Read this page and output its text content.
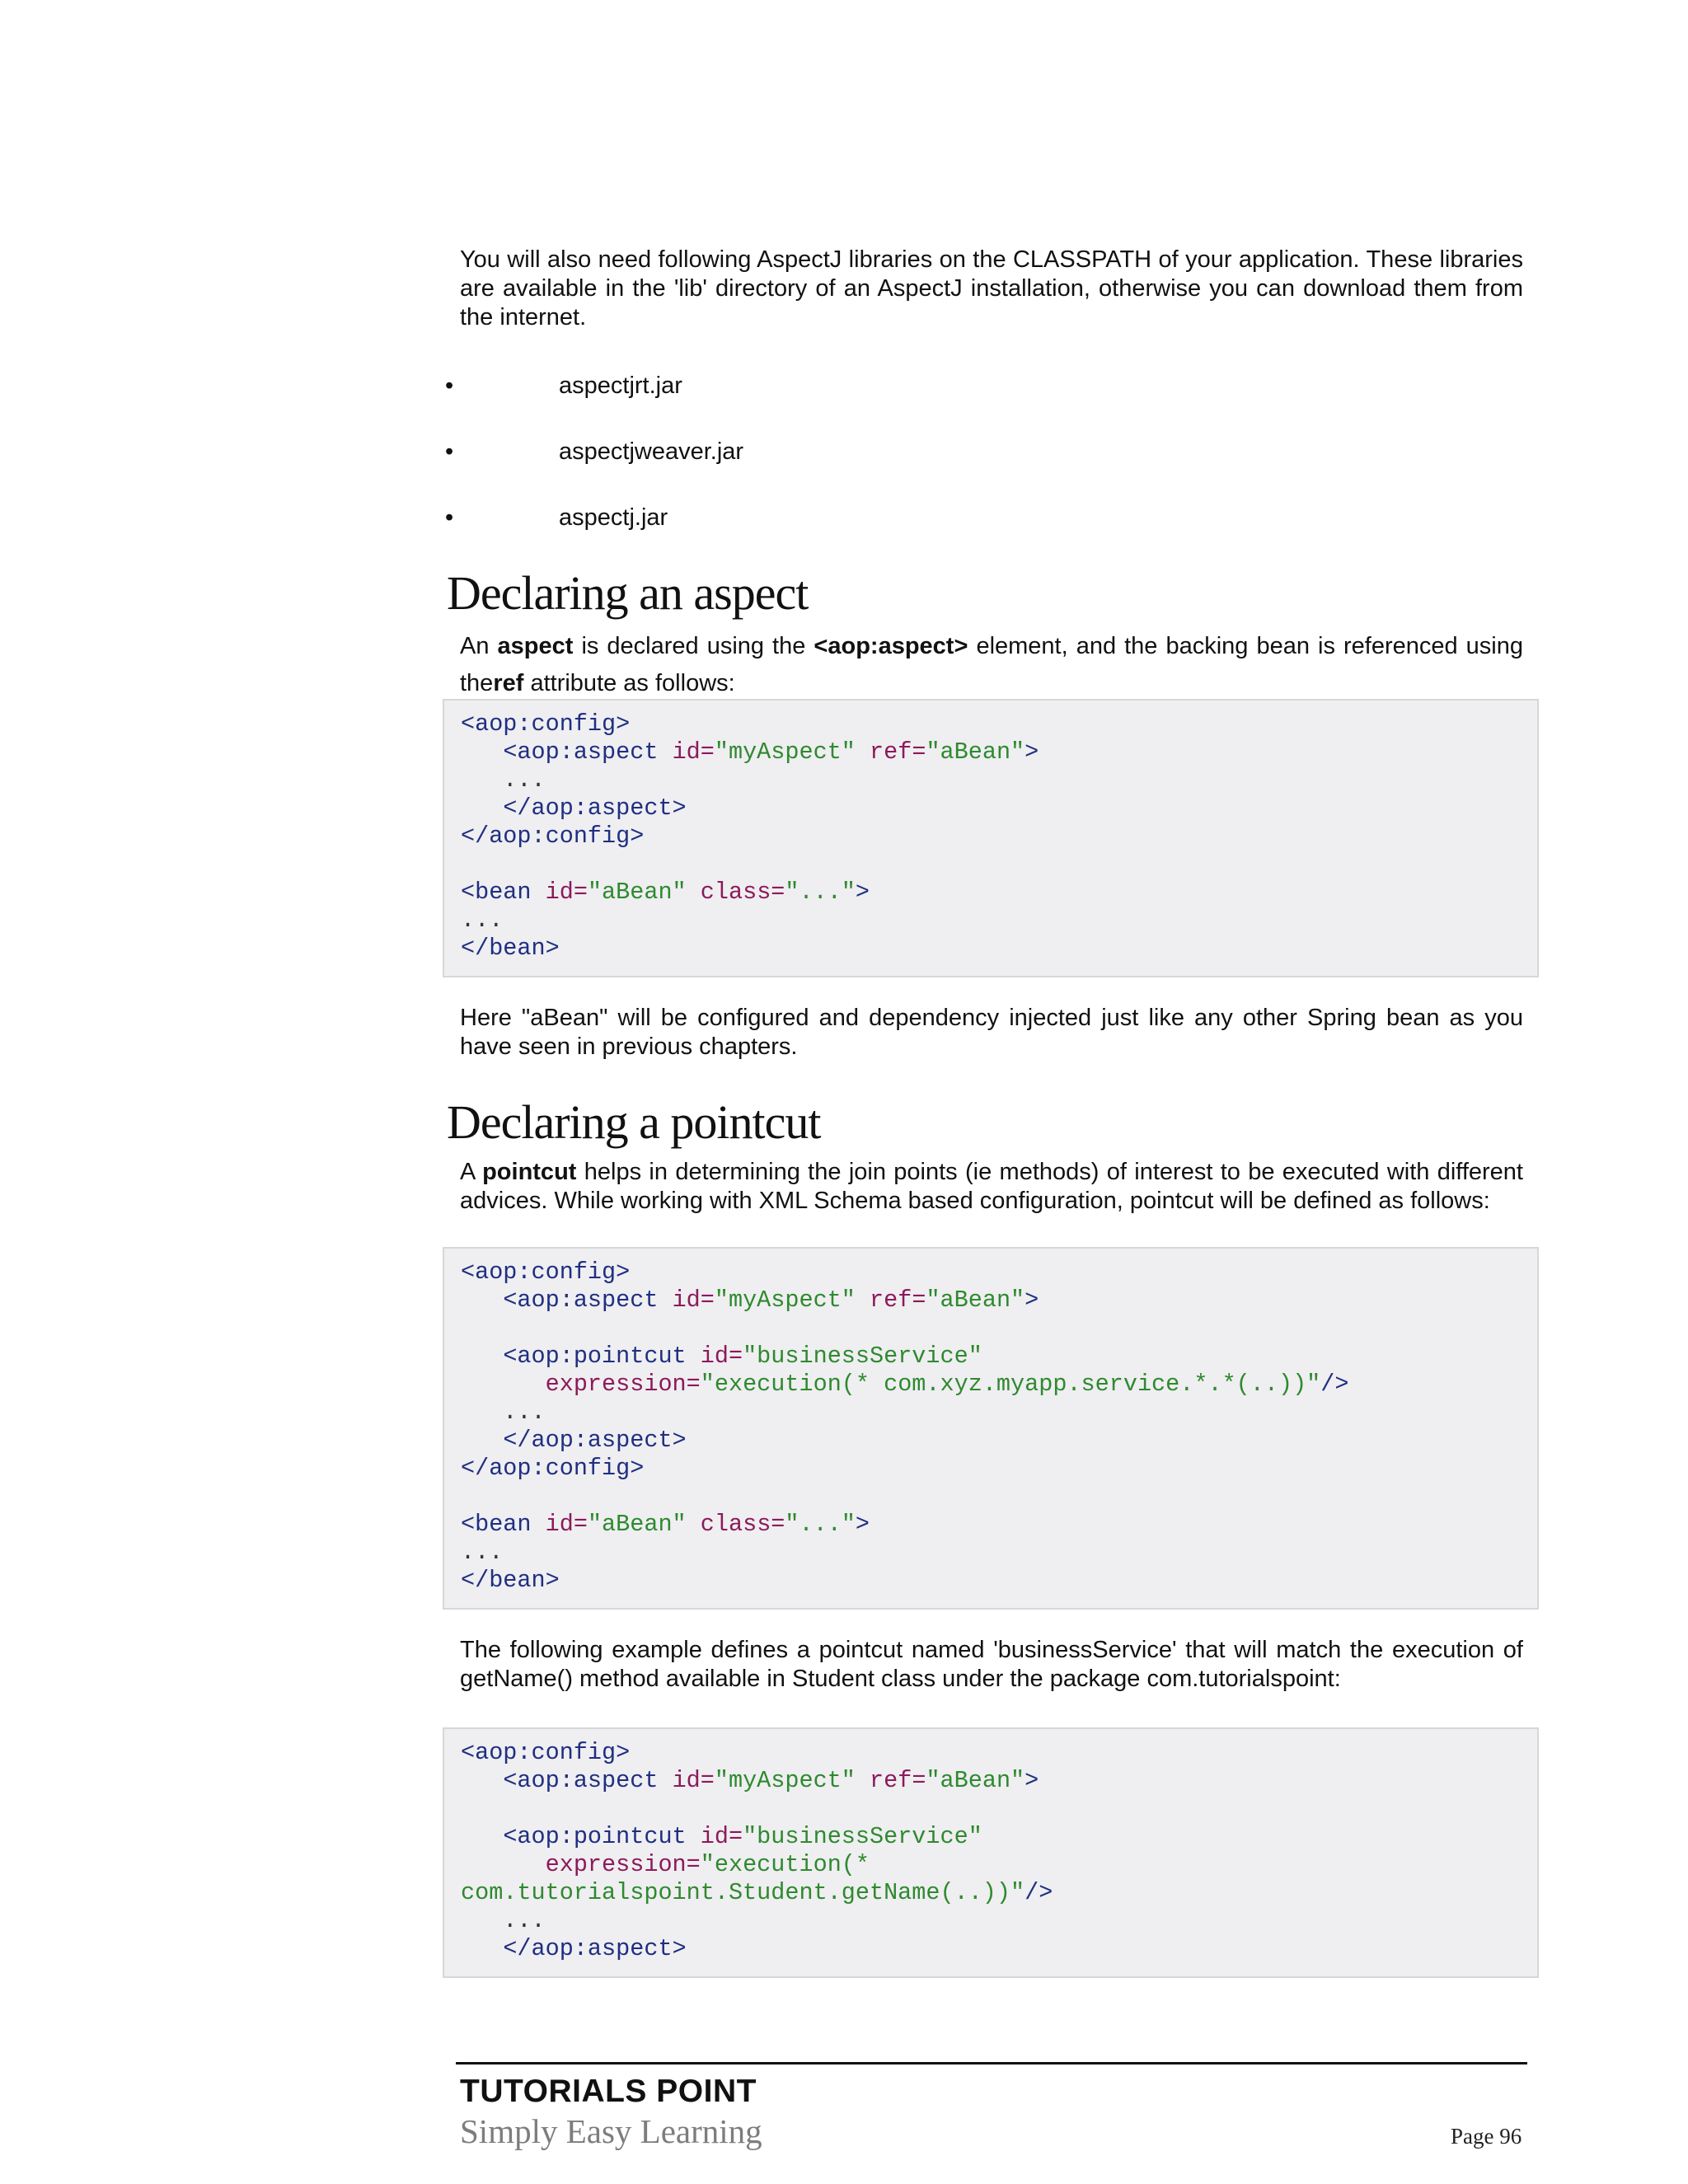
You will also need following AspectJ libraries on the CLASSPATH of your application. These libraries are available in the 'lib' directory of an AspectJ installation, otherwise you can download them from the internet.

•	aspectjrt.jar
•	aspectjweaver.jar
•	aspectj.jar
Declaring an aspect

An aspect is declared using the <aop:aspect> element, and the backing bean is referenced using theref attribute as follows:

<aop:config>
<aop:aspect id="myAspect" ref="aBean">
...
</aop:aspect>
</aop:config>

<bean id="aBean" class="...">
...
</bean>

Here "aBean" will be configured and dependency injected just like any other Spring bean as you have seen in previous chapters.

Declaring a pointcut

A pointcut helps in determining the join points (ie methods) of interest to be executed with different advices. While working with XML Schema based configuration, pointcut will be defined as follows:

<aop:config>
<aop:aspect id="myAspect" ref="aBean">

<aop:pointcut id="businessService"
expression="execution(* com.xyz.myapp.service.*.*(..))"/>
...
</aop:aspect>
</aop:config>

<bean id="aBean" class="...">
...
</bean>

The following example defines a pointcut named 'businessService' that will match the execution of getName() method available in Student class under the package com.tutorialspoint:

<aop:config>
<aop:aspect id="myAspect" ref="aBean">

<aop:pointcut id="businessService"
expression="execution(*
com.tutorialspoint.Student.getName(..))"/>
...
</aop:aspect>
TUTORIALS POINT
Simply Easy Learning	Page 96
